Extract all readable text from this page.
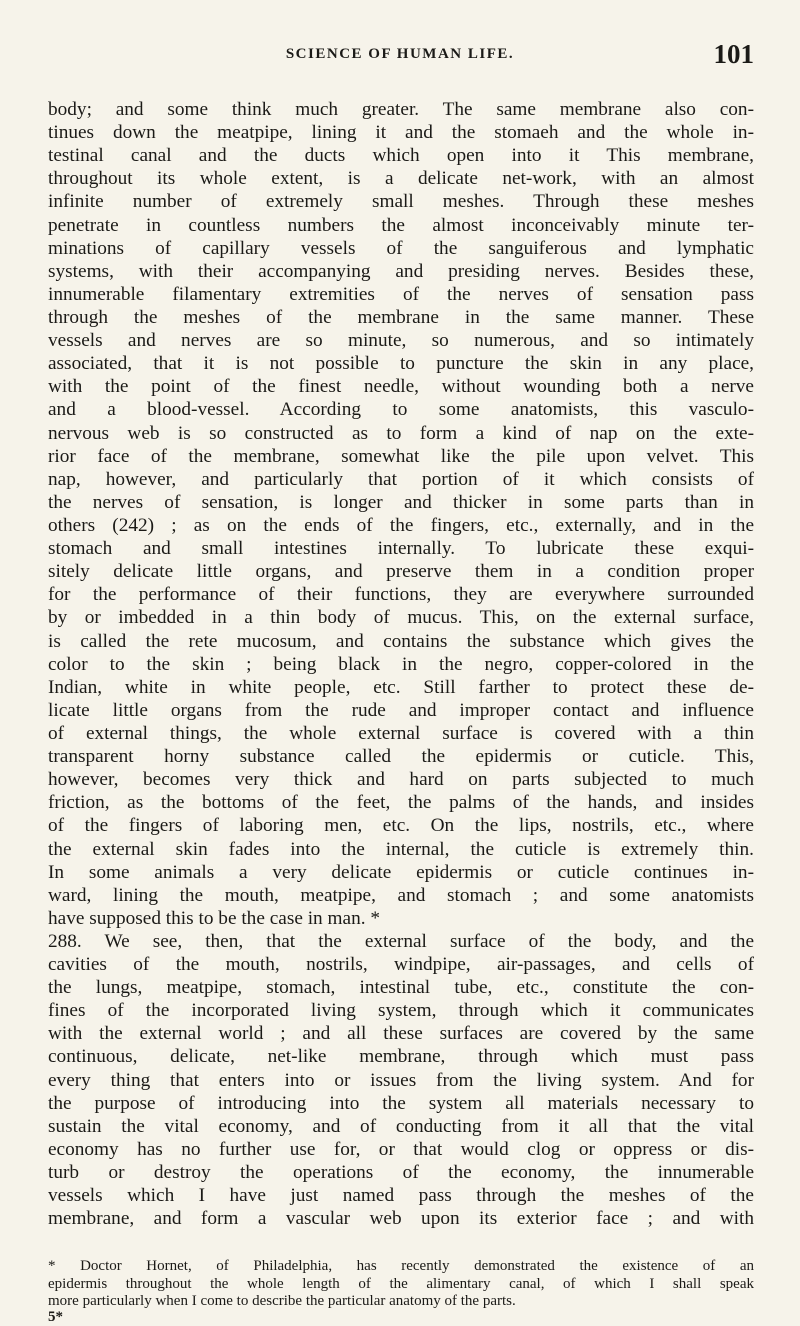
SCIENCE OF HUMAN LIFE.	101
body; and some think much greater. The same membrane also con-
tinues down the meatpipe, lining it and the stomaeh and the whole in-
testinal canal and the ducts which open into it This membrane,
throughout its whole extent, is a delicate net-work, with an almost
infinite number of extremely small meshes. Through these meshes
penetrate in countless numbers the almost inconceivably minute ter-
minations of capillary vessels of the sanguiferous and lymphatic
systems, with their accompanying and presiding nerves. Besides these,
innumerable filamentary extremities of the nerves of sensation pass
through the meshes of the membrane in the same manner. These
vessels and nerves are so minute, so numerous, and so intimately
associated, that it is not possible to puncture the skin in any place,
with the point of the finest needle, without wounding both a nerve
and a blood-vessel. According to some anatomists, this vasculo-
nervous web is so constructed as to form a kind of nap on the exte-
rior face of the membrane, somewhat like the pile upon velvet. This
nap, however, and particularly that portion of it which consists of
the nerves of sensation, is longer and thicker in some parts than in
others (242) ; as on the ends of the fingers, etc., externally, and in the
stomach and small intestines internally. To lubricate these exqui-
sitely delicate little organs, and preserve them in a condition proper
for the performance of their functions, they are everywhere surrounded
by or imbedded in a thin body of mucus. This, on the external surface,
is called the rete mucosum, and contains the substance which gives the
color to the skin ; being black in the negro, copper-colored in the
Indian, white in white people, etc. Still farther to protect these de-
licate little organs from the rude and improper contact and influence
of external things, the whole external surface is covered with a thin
transparent horny substance called the epidermis or cuticle. This,
however, becomes very thick and hard on parts subjected to much
friction, as the bottoms of the feet, the palms of the hands, and insides
of the fingers of laboring men, etc. On the lips, nostrils, etc., where
the external skin fades into the internal, the cuticle is extremely thin.
In some animals a very delicate epidermis or cuticle continues in-
ward, lining the mouth, meatpipe, and stomach ; and some anatomists
have supposed this to be the case in man. *
288. We see, then, that the external surface of the body, and the
cavities of the mouth, nostrils, windpipe, air-passages, and cells of
the lungs, meatpipe, stomach, intestinal tube, etc., constitute the con-
fines of the incorporated living system, through which it communicates
with the external world ; and all these surfaces are covered by the same
continuous, delicate, net-like membrane, through which must pass
every thing that enters into or issues from the living system. And for
the purpose of introducing into the system all materials necessary to
sustain the vital economy, and of conducting from it all that the vital
economy has no further use for, or that would clog or oppress or dis-
turb or destroy the operations of the economy, the innumerable
vessels which I have just named pass through the meshes of the
membrane, and form a vascular web upon its exterior face ; and with
* Doctor Hornet, of Philadelphia, has recently demonstrated the existence of an
epidermis throughout the whole length of the alimentary canal, of which I shall speak
more particularly when I come to describe the particular anatomy of the parts.
5*
